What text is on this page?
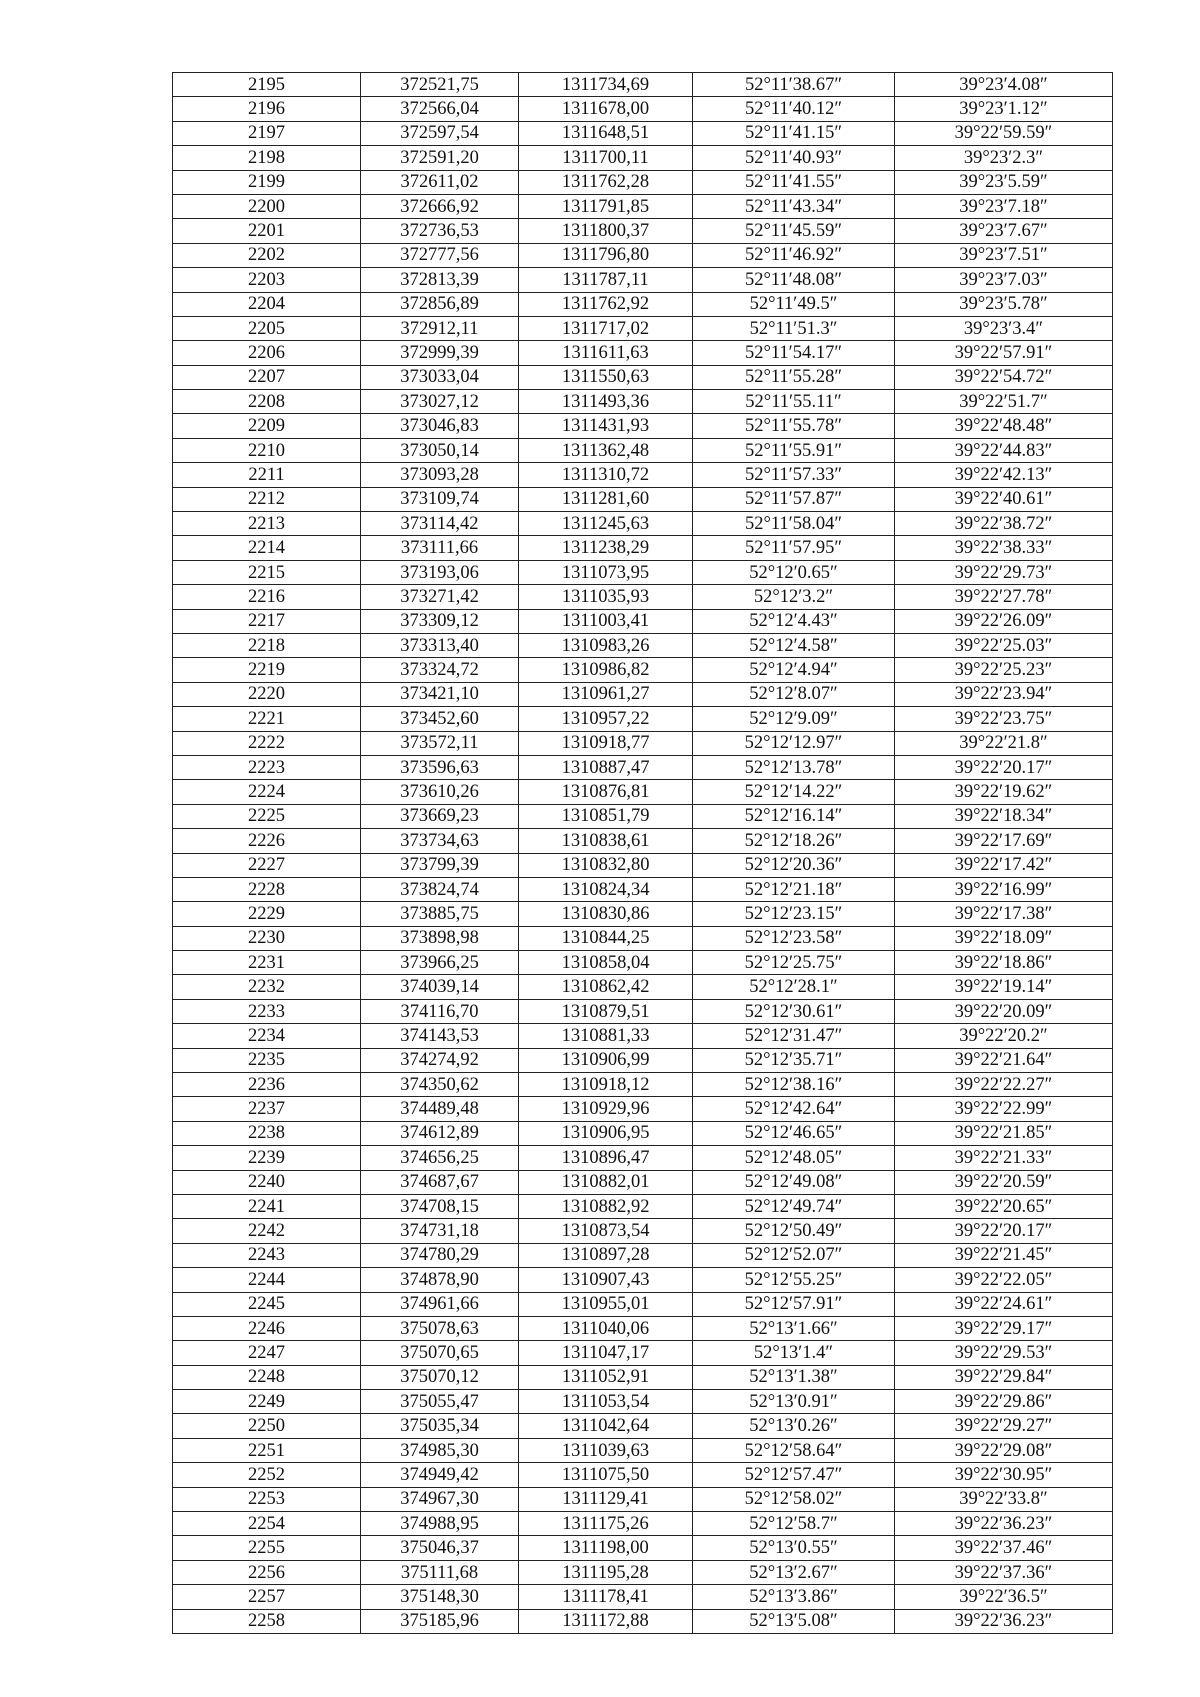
2195	372521,75	1311734,69	52°11′38.67″	39°23′4.08″
2196	372566,04	1311678,00	52°11′40.12″	39°23′1.12″
2197	372597,54	1311648,51	52°11′41.15″	39°22′59.59″
2198	372591,20	1311700,11	52°11′40.93″	39°23′2.3″
2199	372611,02	1311762,28	52°11′41.55″	39°23′5.59″
2200	372666,92	1311791,85	52°11′43.34″	39°23′7.18″
2201	372736,53	1311800,37	52°11′45.59″	39°23′7.67″
2202	372777,56	1311796,80	52°11′46.92″	39°23′7.51″
2203	372813,39	1311787,11	52°11′48.08″	39°23′7.03″
2204	372856,89	1311762,92	52°11′49.5″	39°23′5.78″
2205	372912,11	1311717,02	52°11′51.3″	39°23′3.4″
2206	372999,39	1311611,63	52°11′54.17″	39°22′57.91″
2207	373033,04	1311550,63	52°11′55.28″	39°22′54.72″
2208	373027,12	1311493,36	52°11′55.11″	39°22′51.7″
2209	373046,83	1311431,93	52°11′55.78″	39°22′48.48″
2210	373050,14	1311362,48	52°11′55.91″	39°22′44.83″
2211	373093,28	1311310,72	52°11′57.33″	39°22′42.13″
2212	373109,74	1311281,60	52°11′57.87″	39°22′40.61″
2213	373114,42	1311245,63	52°11′58.04″	39°22′38.72″
2214	373111,66	1311238,29	52°11′57.95″	39°22′38.33″
2215	373193,06	1311073,95	52°12′0.65″	39°22′29.73″
2216	373271,42	1311035,93	52°12′3.2″	39°22′27.78″
2217	373309,12	1311003,41	52°12′4.43″	39°22′26.09″
2218	373313,40	1310983,26	52°12′4.58″	39°22′25.03″
2219	373324,72	1310986,82	52°12′4.94″	39°22′25.23″
2220	373421,10	1310961,27	52°12′8.07″	39°22′23.94″
2221	373452,60	1310957,22	52°12′9.09″	39°22′23.75″
2222	373572,11	1310918,77	52°12′12.97″	39°22′21.8″
2223	373596,63	1310887,47	52°12′13.78″	39°22′20.17″
2224	373610,26	1310876,81	52°12′14.22″	39°22′19.62″
2225	373669,23	1310851,79	52°12′16.14″	39°22′18.34″
2226	373734,63	1310838,61	52°12′18.26″	39°22′17.69″
2227	373799,39	1310832,80	52°12′20.36″	39°22′17.42″
2228	373824,74	1310824,34	52°12′21.18″	39°22′16.99″
2229	373885,75	1310830,86	52°12′23.15″	39°22′17.38″
2230	373898,98	1310844,25	52°12′23.58″	39°22′18.09″
2231	373966,25	1310858,04	52°12′25.75″	39°22′18.86″
2232	374039,14	1310862,42	52°12′28.1″	39°22′19.14″
2233	374116,70	1310879,51	52°12′30.61″	39°22′20.09″
2234	374143,53	1310881,33	52°12′31.47″	39°22′20.2″
2235	374274,92	1310906,99	52°12′35.71″	39°22′21.64″
2236	374350,62	1310918,12	52°12′38.16″	39°22′22.27″
2237	374489,48	1310929,96	52°12′42.64″	39°22′22.99″
2238	374612,89	1310906,95	52°12′46.65″	39°22′21.85″
2239	374656,25	1310896,47	52°12′48.05″	39°22′21.33″
2240	374687,67	1310882,01	52°12′49.08″	39°22′20.59″
2241	374708,15	1310882,92	52°12′49.74″	39°22′20.65″
2242	374731,18	1310873,54	52°12′50.49″	39°22′20.17″
2243	374780,29	1310897,28	52°12′52.07″	39°22′21.45″
2244	374878,90	1310907,43	52°12′55.25″	39°22′22.05″
2245	374961,66	1310955,01	52°12′57.91″	39°22′24.61″
2246	375078,63	1311040,06	52°13′1.66″	39°22′29.17″
2247	375070,65	1311047,17	52°13′1.4″	39°22′29.53″
2248	375070,12	1311052,91	52°13′1.38″	39°22′29.84″
2249	375055,47	1311053,54	52°13′0.91″	39°22′29.86″
2250	375035,34	1311042,64	52°13′0.26″	39°22′29.27″
2251	374985,30	1311039,63	52°12′58.64″	39°22′29.08″
2252	374949,42	1311075,50	52°12′57.47″	39°22′30.95″
2253	374967,30	1311129,41	52°12′58.02″	39°22′33.8″
2254	374988,95	1311175,26	52°12′58.7″	39°22′36.23″
2255	375046,37	1311198,00	52°13′0.55″	39°22′37.46″
2256	375111,68	1311195,28	52°13′2.67″	39°22′37.36″
2257	375148,30	1311178,41	52°13′3.86″	39°22′36.5″
2258	375185,96	1311172,88	52°13′5.08″	39°22′36.23″
